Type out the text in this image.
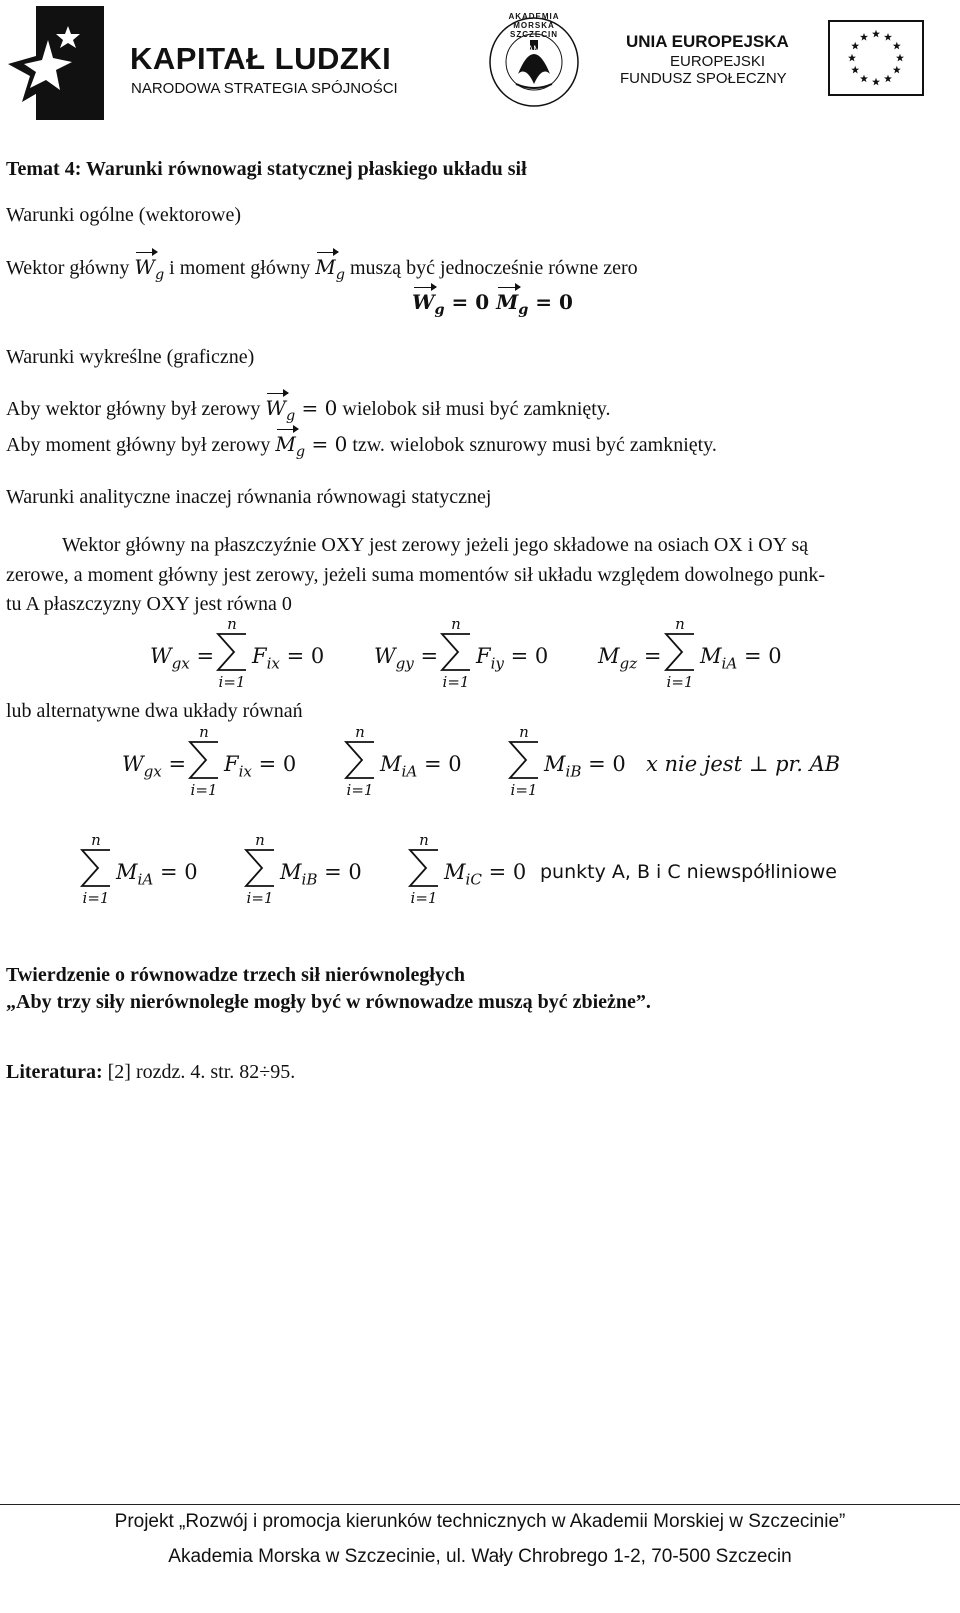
KAPITAŁ LUDZKI
NARODOWA STRATEGIA SPÓJNOŚCI
AKADEMIA MORSKA SZCZECIN
AM	UNIA EUROPEJSKA
EUROPEJSKI
FUNDUSZ SPOŁECZNY
Temat 4: Warunki równowagi statycznej płaskiego układu sił
Warunki ogólne (wektorowe)
Wektor główny $W_g$ i moment główny $M_g$ muszą być jednocześnie równe zero
$W_g = 0$ $M_g = 0$
Warunki wykreślne (graficzne)
Aby wektor główny był zerowy $W_g = 0$ wielobok sił musi być zamknięty.
Aby moment główny był zerowy $M_g = 0$ tzw. wielobok sznurowy musi być zamknięty.
Warunki analityczne inaczej równania równowagi statycznej
Wektor główny na płaszczyźnie OXY jest zerowy jeżeli jego składowe na osiach OX i OY są
zerowe, a moment główny jest zerowy, jeżeli suma momentów sił układu względem dowolnego punk-
tu A płaszczyzny OXY jest równa 0
$W_{gx}$ =
n
i=1
$F_{ix} = 0$ $W_{gy}$ =
n
i=1
$F_{iy} = 0$ $M_{gz}$ =
n
i=1
$M_{iA} = 0$
lub alternatywne dwa układy równań
$W_{gx}$ =
n
i=1
$F_{ix} = 0$
n
i=1
$M_{iA} = 0$
n
i=1
$M_{iB} = 0$ x nie jest ⊥ pr. AB
n
i=1
$M_{iA} = 0$
n
i=1
$M_{iB} = 0$
n
i=1
$M_{iC} = 0$ punkty A, B i C niewspółliniowe
Twierdzenie o równowadze trzech sił nierównoległych
„Aby trzy siły nierównoległe mogły być w równowadze muszą być zbieżne”.
Literatura: [2] rozdz. 4. str. 82÷95.
Projekt „Rozwój i promocja kierunków technicznych w Akademii Morskiej w Szczecinie”
Akademia Morska w Szczecinie, ul. Wały Chrobrego 1-2, 70-500 Szczecin
